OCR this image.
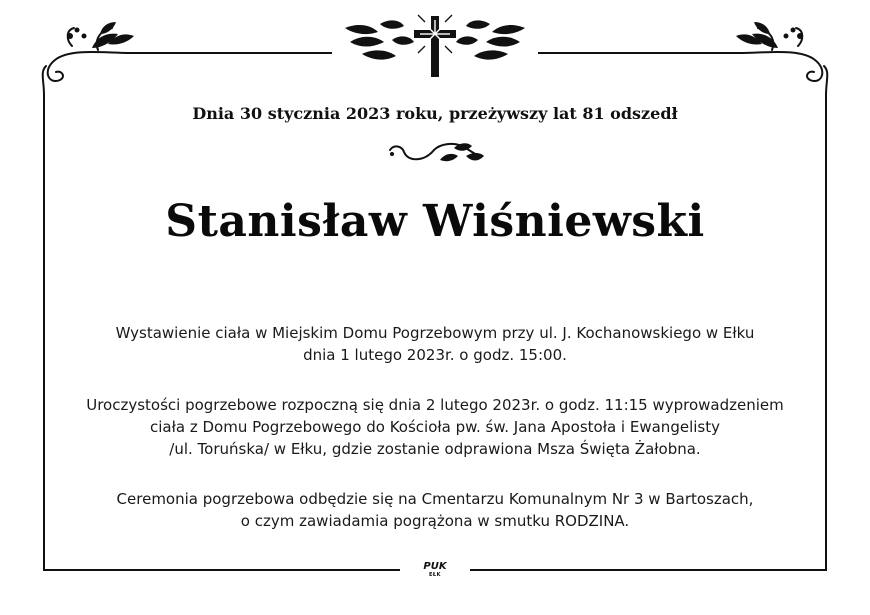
Dnia 30 stycznia 2023 roku, przeżywszy lat 81 odszedł
Stanisław Wiśniewski
Wystawienie ciała w Miejskim Domu Pogrzebowym przy ul. J. Kochanowskiego w Ełku
dnia 1 lutego 2023r. o godz. 15:00.
Uroczystości pogrzebowe rozpoczną się dnia 2 lutego 2023r. o godz. 11:15 wyprowadzeniem
ciała z Domu Pogrzebowego do Kościoła pw. św. Jana Apostoła i Ewangelisty
/ul. Toruńska/ w Ełku, gdzie zostanie odprawiona Msza Święta Żałobna.
Ceremonia pogrzebowa odbędzie się na Cmentarzu Komunalnym Nr 3 w Bartoszach,
o czym zawiadamia pogrążona w smutku RODZINA.
PUK
EŁK
